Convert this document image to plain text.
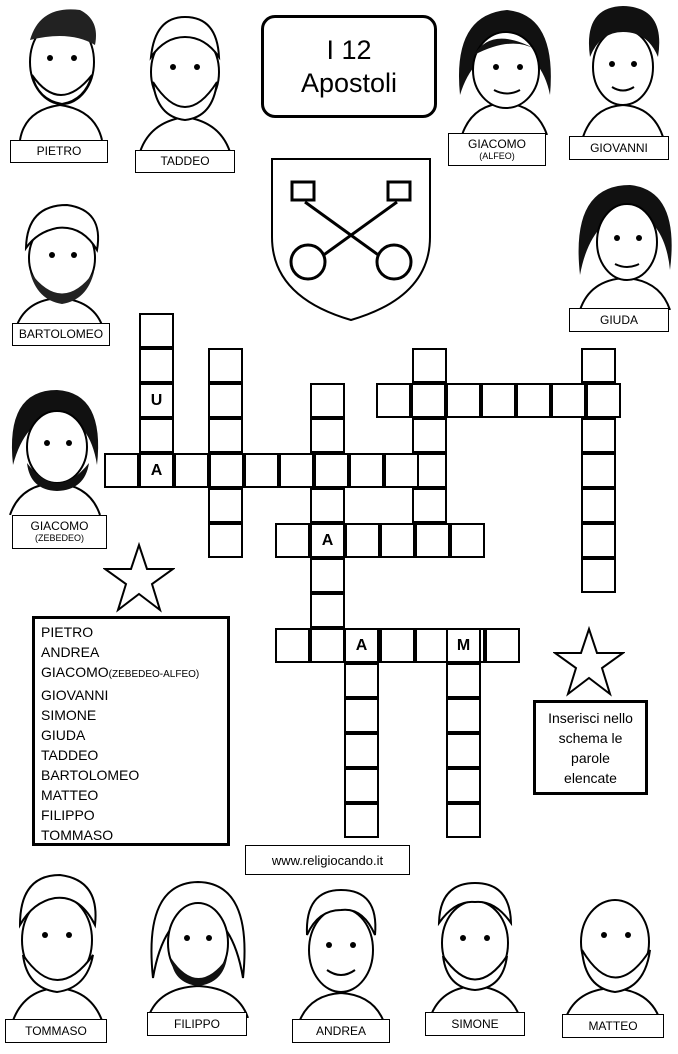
I 12
Apostoli
PIETRO
TADDEO
GIACOMO
(ALFEO)
GIOVANNI
BARTOLOMEO
GIUDA
GIACOMO
(ZEBEDEO)
TOMMASO	FILIPPO	ANDREA	SIMONE	MATTEO
U
A
A
A	M
PIETRO
ANDREA
GIACOMO(ZEBEDEO-ALFEO)
GIOVANNI
SIMONE
GIUDA
TADDEO
BARTOLOMEO
MATTEO
FILIPPO
TOMMASO
Inserisci nello
schema le
parole
elencate
www.religiocando.it
